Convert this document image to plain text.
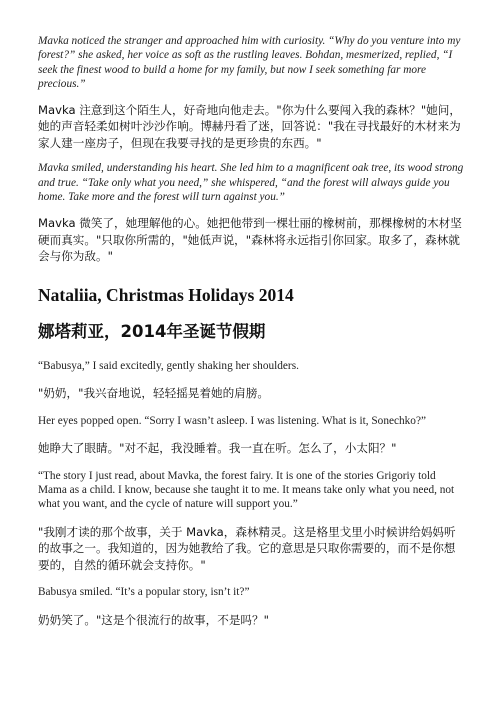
Mavka noticed the stranger and approached him with curiosity. “Why do you venture into my forest?” she asked, her voice as soft as the rustling leaves. Bohdan, mesmerized, replied, “I seek the finest wood to build a home for my family, but now I seek something far more precious.”

Mavka 注意到这个陌生人，好奇地向他走去。"你为什么要闯入我的森林？"她问，她的声音轻柔如树叶沙沙作响。博赫丹看了迷，回答说："我在寻找最好的木材来为家人建一座房子，但现在我要寻找的是更珍贵的东西。"

Mavka smiled, understanding his heart. She led him to a magnificent oak tree, its wood strong and true. “Take only what you need,” she whispered, “and the forest will always guide you home. Take more and the forest will turn against you.”

Mavka 微笑了，她理解他的心。她把他带到一棵壮丽的橡树前，那棵橡树的木材坚硬而真实。"只取你所需的，"她低声说，"森林将永远指引你回家。取多了，森林就会与你为敌。"

Nataliia, Christmas Holidays 2014
娜塔莉亚，2014年圣诞节假期

“Babusya,” I said excitedly, gently shaking her shoulders.

"奶奶，"我兴奋地说，轻轻摇晃着她的肩膀。

Her eyes popped open. “Sorry I wasn’t asleep. I was listening. What is it, Sonechko?”

她睁大了眼睛。"对不起，我没睡着。我一直在听。怎么了，小太阳？"

“The story I just read, about Mavka, the forest fairy. It is one of the stories Grigoriy told Mama as a child. I know, because she taught it to me. It means take only what you need, not what you want, and the cycle of nature will support you.”

"我刚才读的那个故事，关于 Mavka，森林精灵。这是格里戈里小时候讲给妈妈听的故事之一。我知道的，因为她教给了我。它的意思是只取你需要的，而不是你想要的，自然的循环就会支持你。"

Babusya smiled. “It’s a popular story, isn’t it?”

奶奶笑了。"这是个很流行的故事，不是吗？"
